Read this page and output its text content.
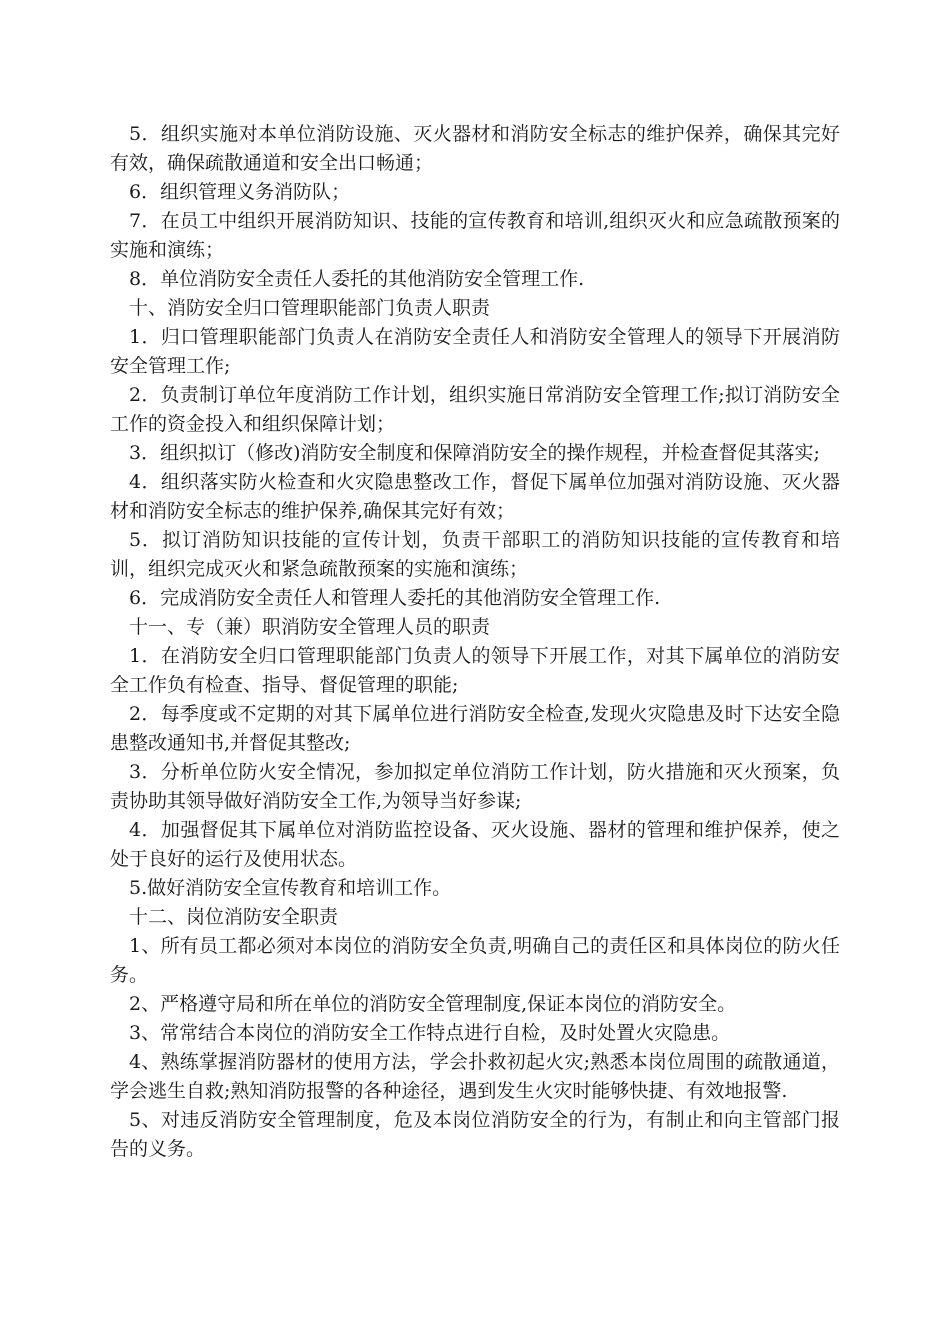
5．组织实施对本单位消防设施、灭火器材和消防安全标志的维护保养，确保其完好有效，确保疏散通道和安全出口畅通；

6．组织管理义务消防队；

7．在员工中组织开展消防知识、技能的宣传教育和培训,组织灭火和应急疏散预案的实施和演练；

8．单位消防安全责任人委托的其他消防安全管理工作.

十、消防安全归口管理职能部门负责人职责

1．归口管理职能部门负责人在消防安全责任人和消防安全管理人的领导下开展消防安全管理工作;

2．负责制订单位年度消防工作计划，组织实施日常消防安全管理工作;拟订消防安全工作的资金投入和组织保障计划；

3．组织拟订（修改)消防安全制度和保障消防安全的操作规程，并检查督促其落实;

4．组织落实防火检查和火灾隐患整改工作，督促下属单位加强对消防设施、灭火器材和消防安全标志的维护保养,确保其完好有效；

5．拟订消防知识技能的宣传计划，负责干部职工的消防知识技能的宣传教育和培训，组织完成灭火和紧急疏散预案的实施和演练；

6．完成消防安全责任人和管理人委托的其他消防安全管理工作.

十一、专（兼）职消防安全管理人员的职责

1．在消防安全归口管理职能部门负责人的领导下开展工作，对其下属单位的消防安全工作负有检查、指导、督促管理的职能;

2．每季度或不定期的对其下属单位进行消防安全检查,发现火灾隐患及时下达安全隐患整改通知书,并督促其整改;

3．分析单位防火安全情况，参加拟定单位消防工作计划，防火措施和灭火预案，负责协助其领导做好消防安全工作,为领导当好参谋;

4．加强督促其下属单位对消防监控设备、灭火设施、器材的管理和维护保养，使之处于良好的运行及使用状态。

5.做好消防安全宣传教育和培训工作。

十二、岗位消防安全职责

1、所有员工都必须对本岗位的消防安全负责,明确自己的责任区和具体岗位的防火任务。

2、严格遵守局和所在单位的消防安全管理制度,保证本岗位的消防安全。

3、常常结合本岗位的消防安全工作特点进行自检，及时处置火灾隐患。

4、熟练掌握消防器材的使用方法，学会扑救初起火灾;熟悉本岗位周围的疏散通道，学会逃生自救;熟知消防报警的各种途径，遇到发生火灾时能够快捷、有效地报警.

5、对违反消防安全管理制度，危及本岗位消防安全的行为，有制止和向主管部门报告的义务。
